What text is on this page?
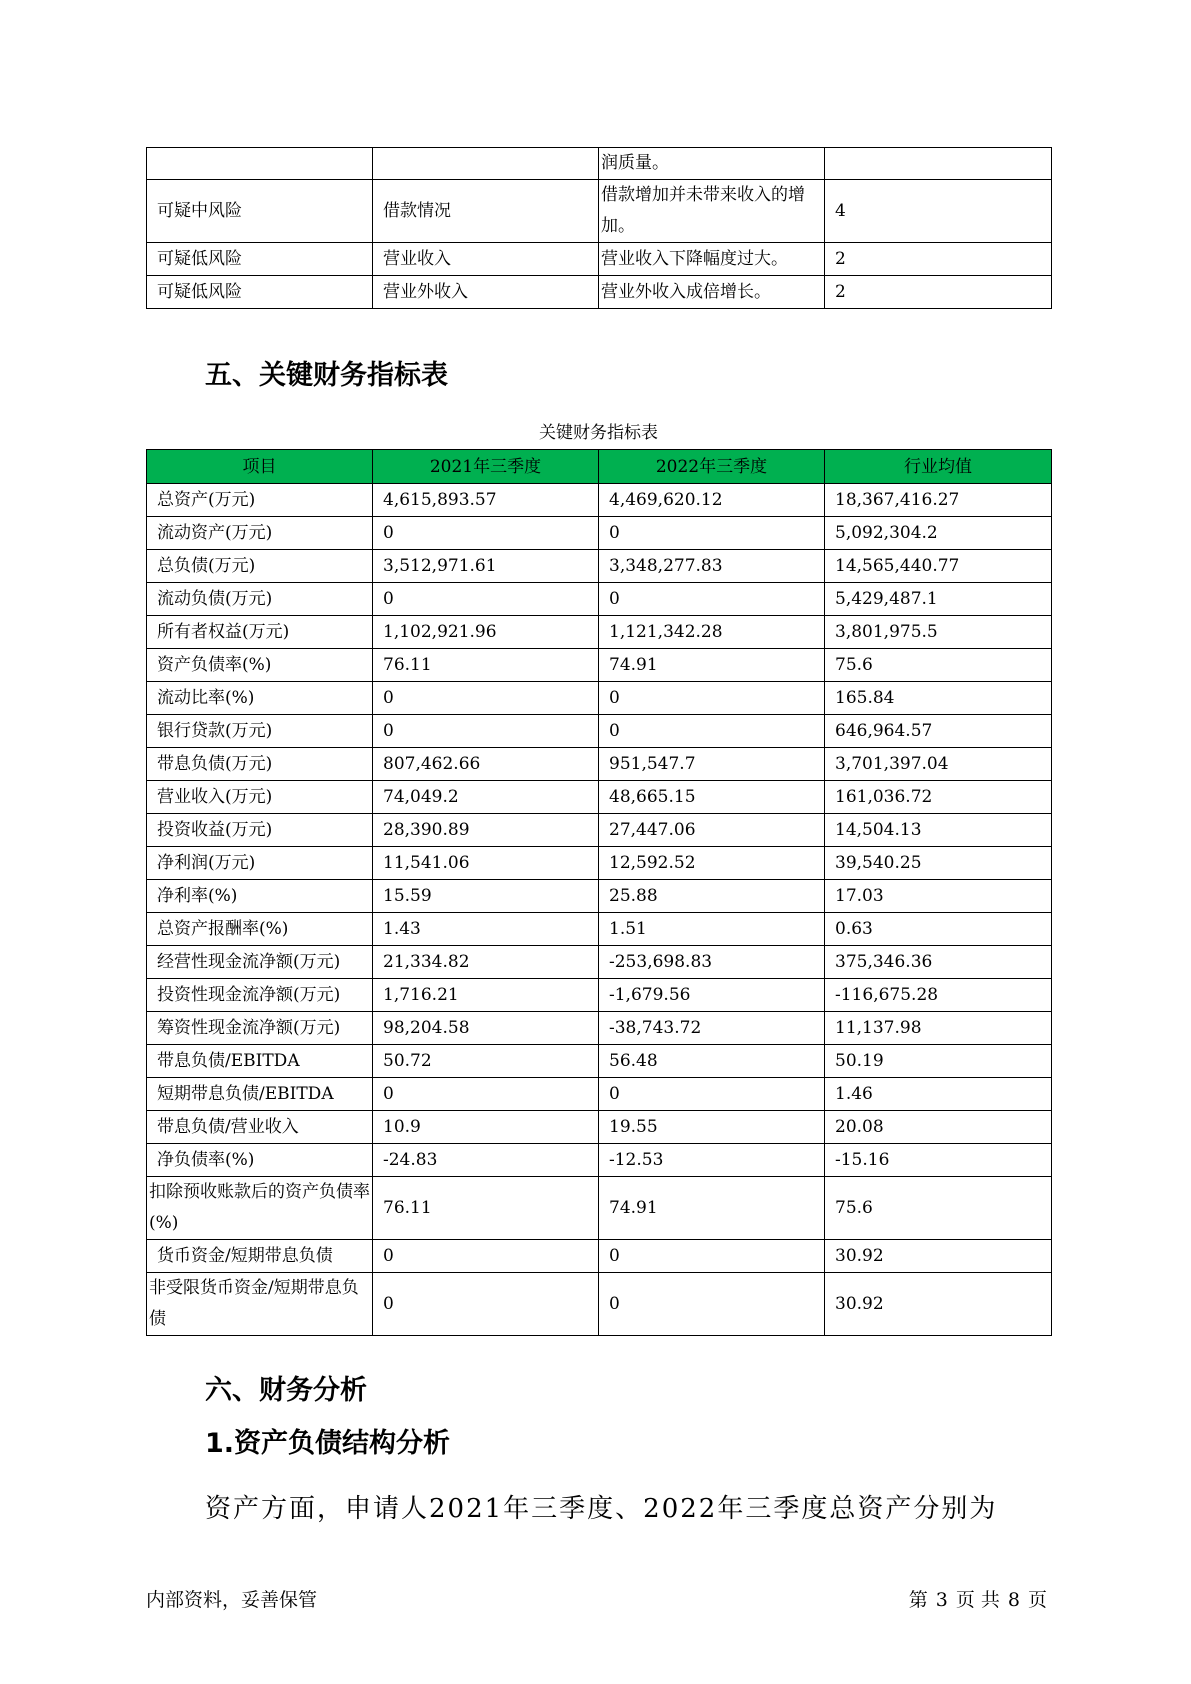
		润质量。	
可疑中风险	借款情况	借款增加并未带来收入的增加。	4
可疑低风险	营业收入	营业收入下降幅度过大。	2
可疑低风险	营业外收入	营业外收入成倍增长。	2
五、关键财务指标表
关键财务指标表
项目	2021年三季度	2022年三季度	行业均值
总资产(万元)	4,615,893.57	4,469,620.12	18,367,416.27
流动资产(万元)	0	0	5,092,304.2
总负债(万元)	3,512,971.61	3,348,277.83	14,565,440.77
流动负债(万元)	0	0	5,429,487.1
所有者权益(万元)	1,102,921.96	1,121,342.28	3,801,975.5
资产负债率(%)	76.11	74.91	75.6
流动比率(%)	0	0	165.84
银行贷款(万元)	0	0	646,964.57
带息负债(万元)	807,462.66	951,547.7	3,701,397.04
营业收入(万元)	74,049.2	48,665.15	161,036.72
投资收益(万元)	28,390.89	27,447.06	14,504.13
净利润(万元)	11,541.06	12,592.52	39,540.25
净利率(%)	15.59	25.88	17.03
总资产报酬率(%)	1.43	1.51	0.63
经营性现金流净额(万元)	21,334.82	-253,698.83	375,346.36
投资性现金流净额(万元)	1,716.21	-1,679.56	-116,675.28
筹资性现金流净额(万元)	98,204.58	-38,743.72	11,137.98
带息负债/EBITDA	50.72	56.48	50.19
短期带息负债/EBITDA	0	0	1.46
带息负债/营业收入	10.9	19.55	20.08
净负债率(%)	-24.83	-12.53	-15.16
扣除预收账款后的资产负债率(%)	76.11	74.91	75.6
货币资金/短期带息负债	0	0	30.92
非受限货币资金/短期带息负债	0	0	30.92
六、财务分析
1.资产负债结构分析
资产方面，申请人2021年三季度、2022年三季度总资产分别为
内部资料，妥善保管	第 3 页 共 8 页
